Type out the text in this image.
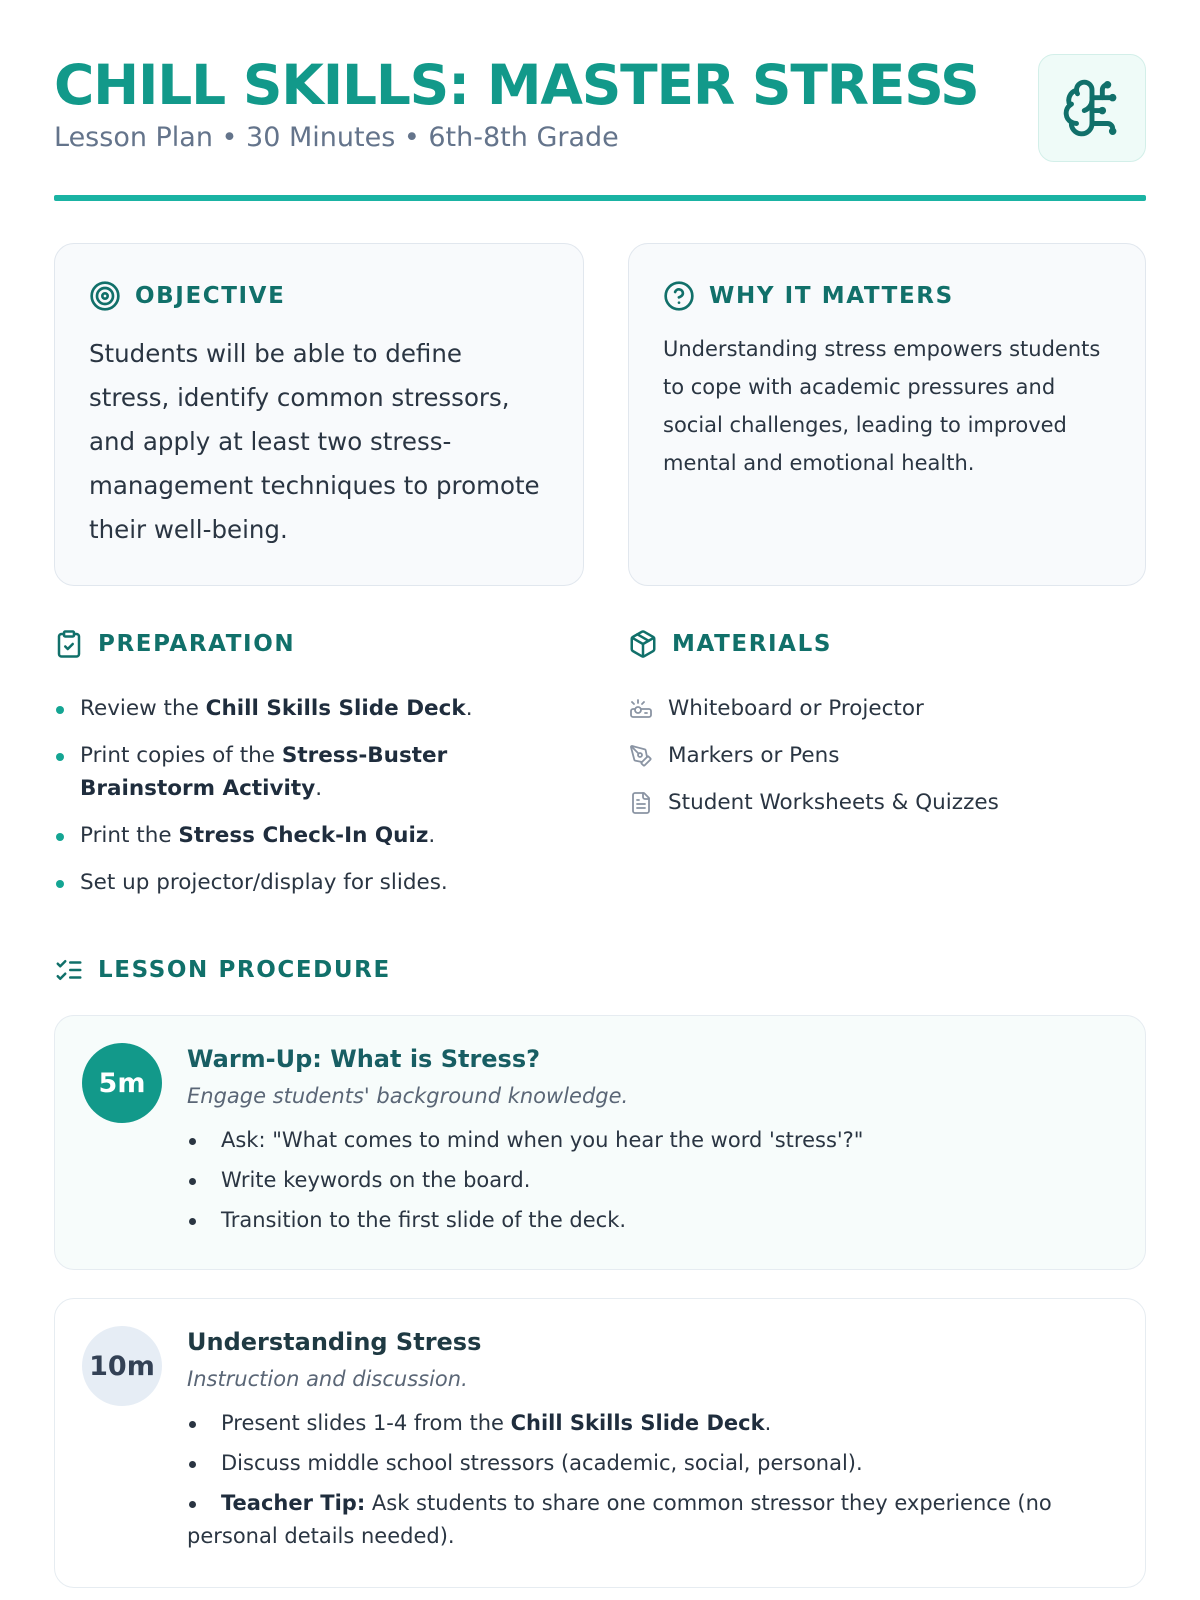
CHILL SKILLS: MASTER STRESS
Lesson Plan • 30 Minutes • 6th-8th Grade
OBJECTIVE
Students will be able to define stress, identify common stressors, and apply at least two stress-management techniques to promote their well-being.
WHY IT MATTERS
Understanding stress empowers students to cope with academic pressures and social challenges, leading to improved mental and emotional health.
PREPARATION
Review the Chill Skills Slide Deck.
Print copies of the Stress-Buster Brainstorm Activity.
Print the Stress Check-In Quiz.
Set up projector/display for slides.
MATERIALS
Whiteboard or Projector
Markers or Pens
Student Worksheets & Quizzes
LESSON PROCEDURE
5m
Warm-Up: What is Stress?
Engage students' background knowledge.
Ask: "What comes to mind when you hear the word 'stress'?"
Write keywords on the board.
Transition to the first slide of the deck.
10m
Understanding Stress
Instruction and discussion.
Present slides 1-4 from the Chill Skills Slide Deck.
Discuss middle school stressors (academic, social, personal).
Teacher Tip: Ask students to share one common stressor they experience (no personal details needed).
